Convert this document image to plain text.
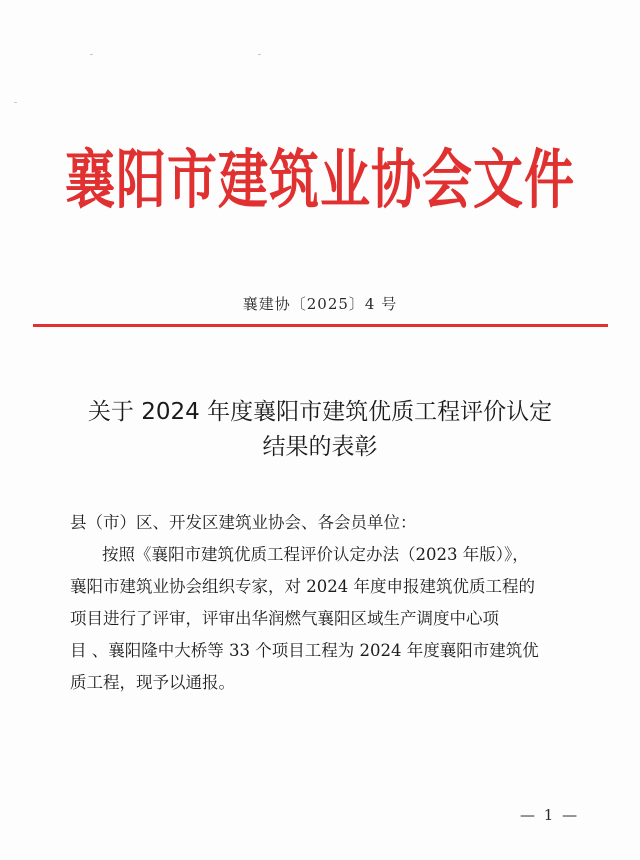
襄阳市建筑业协会文件
襄建协〔2025〕4 号
关于 2024 年度襄阳市建筑优质工程评价认定
结果的表彰
县（市）区、开发区建筑业协会、各会员单位：
按照《襄阳市建筑优质工程评价认定办法（2023 年版）》，
襄阳市建筑业协会组织专家，对 2024 年度申报建筑优质工程的
项目进行了评审，评审出华润燃气襄阳区域生产调度中心项
目 、襄阳隆中大桥等 33 个项目工程为 2024 年度襄阳市建筑优
质工程，现予以通报。
— 1 —
